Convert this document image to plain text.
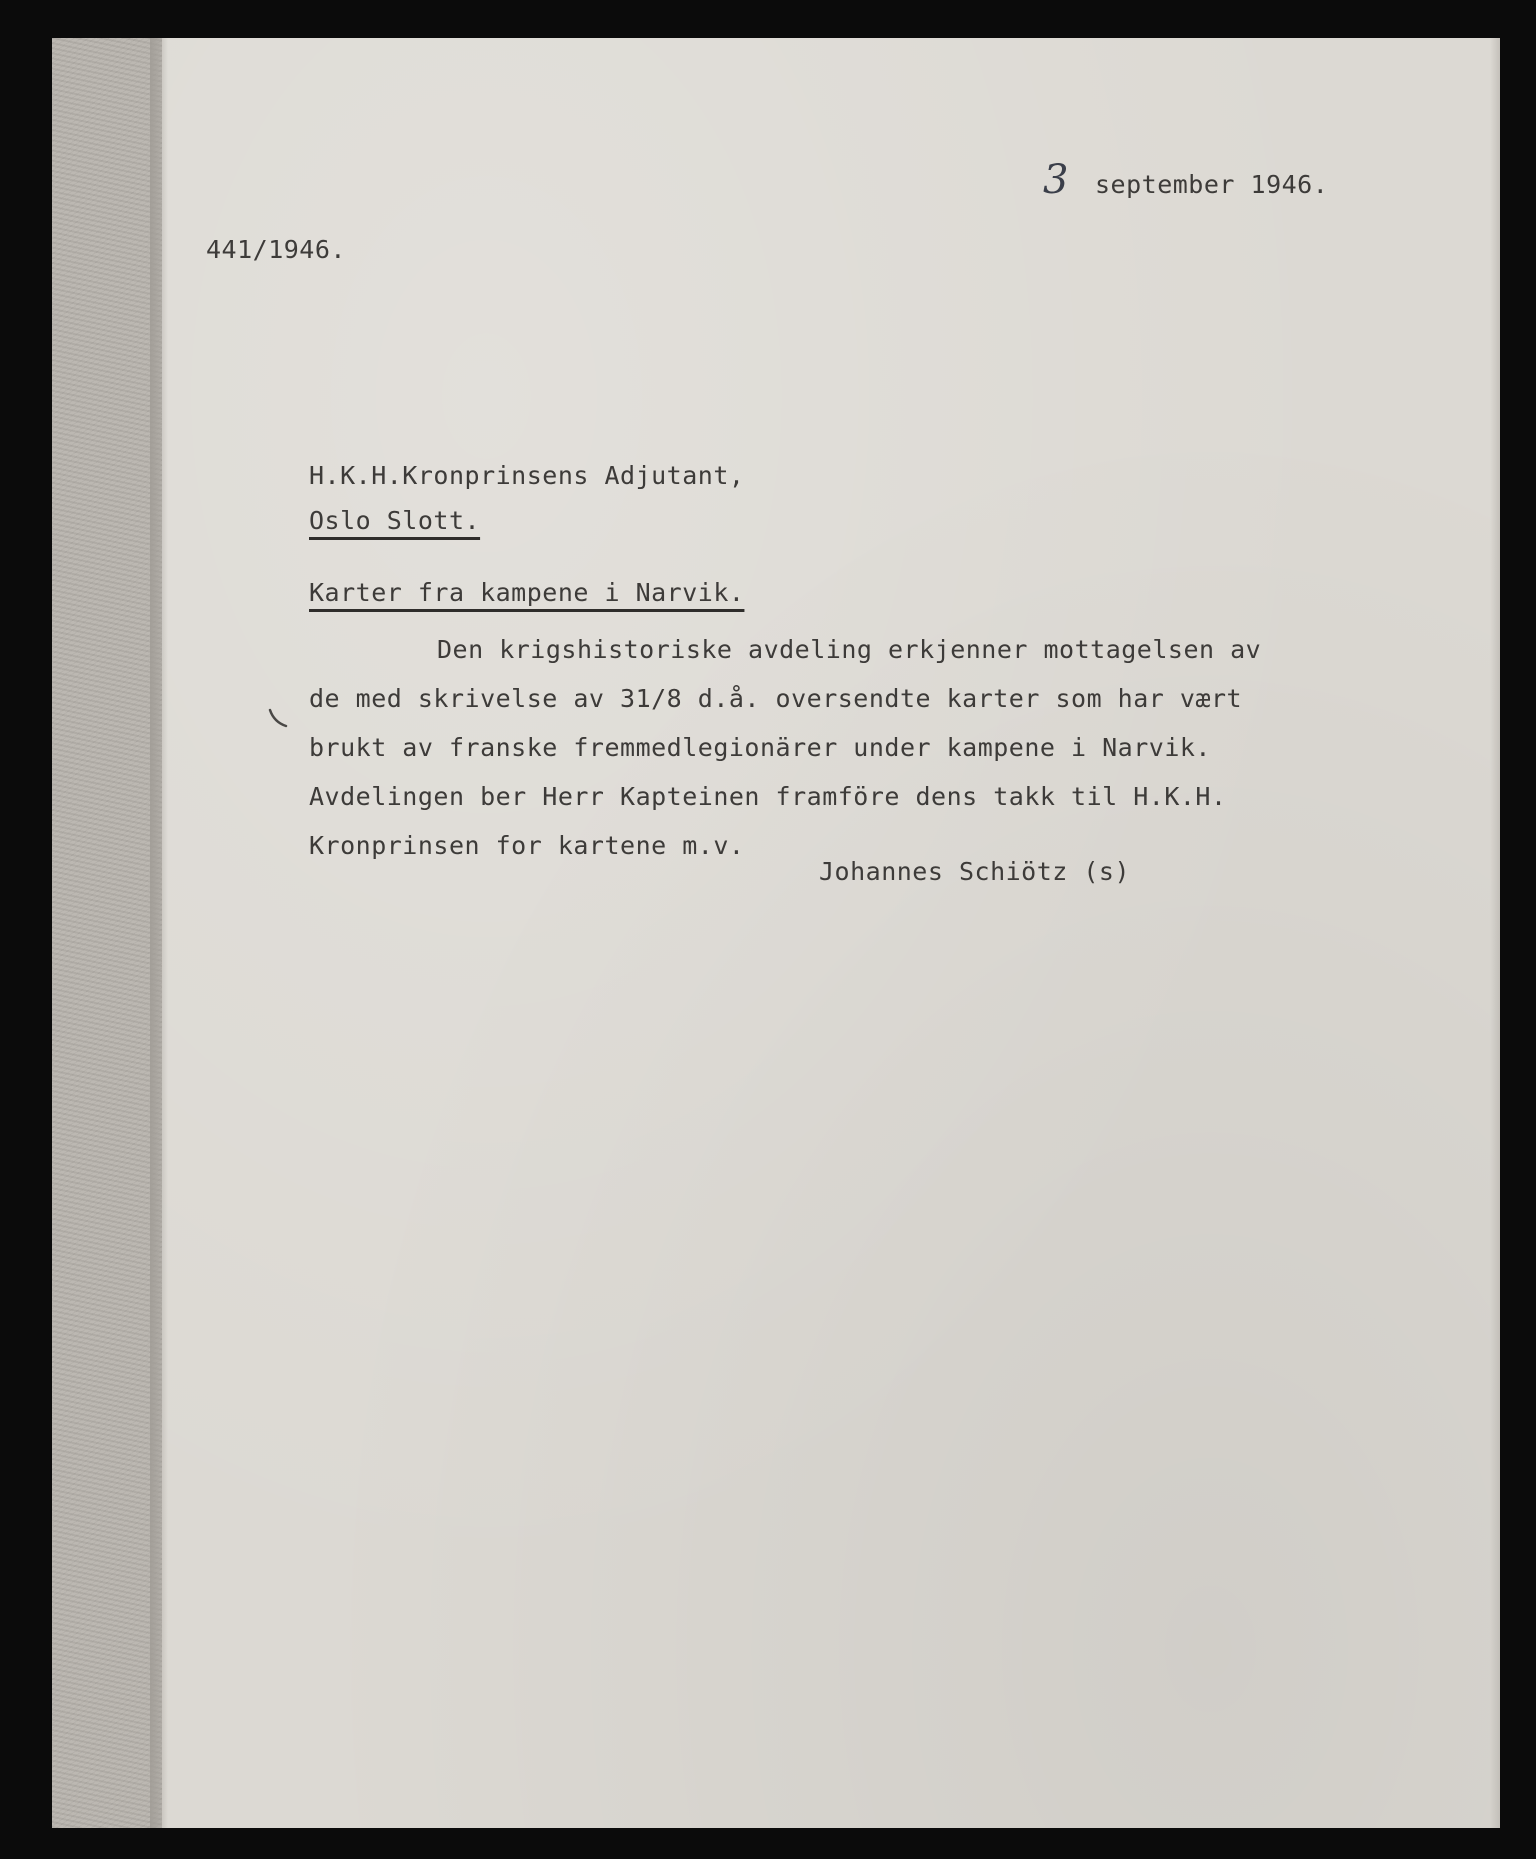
3 september 1946.
441/1946.
H.K.H.Kronprinsens Adjutant,
Oslo Slott.
Karter fra kampene i Narvik.
Den krigshistoriske avdeling erkjenner mottagelsen av
de med skrivelse av 31/8 d.å. oversendte karter som har vært
brukt av franske fremmedlegionärer under kampene i Narvik.
Avdelingen ber Herr Kapteinen framföre dens takk til H.K.H.
Kronprinsen for kartene m.v.
Johannes Schiötz (s)
